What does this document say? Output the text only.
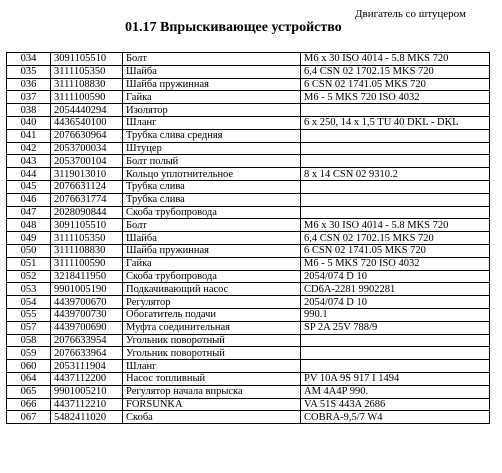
Двигатель со штуцером
01.17 Впрыскивающее устройство
034	3091105510	Болт	M6 x 30 ISO 4014 - 5.8 MKS 720
035	3111105350	Шайба	6,4 CSN 02 1702.15 MKS 720
036	3111108830	Шайба пружинная	6 CSN 02 1741.05 MKS 720
037	3111100590	Гайка	M6 - 5 MKS 720 ISO 4032
038	2054440294	Изолятор	
040	4436540100	Шланг	6 x 250, 14 x 1,5 TU 40 DKL - DKL
041	2076630964	Трубка слива средняя	
042	2053700034	Штуцер	
043	2053700104	Болт полый	
044	3119013010	Кольцо уплотнительное	8 x 14 CSN 02 9310.2
045	2076631124	Трубка слива	
046	2076631774	Трубка слива	
047	2028090844	Скоба трубопровода	
048	3091105510	Болт	M6 x 30 ISO 4014 - 5.8 MKS 720
049	3111105350	Шайба	6,4 CSN 02 1702.15 MKS 720
050	3111108830	Шайба пружинная	6 CSN 02 1741.05 MKS 720
051	3111100590	Гайка	M6 - 5 MKS 720 ISO 4032
052	3218411950	Скоба трубопровода	2054/074 D 10
053	9901005190	Подкачивающий насос	CD6A-2281 9902281
054	4439700670	Регулятор	2054/074 D 10
055	4439700730	Обогатитель подачи	990.1
057	4439700690	Муфта соединительная	SP 2A 25V 788/9
058	2076633954	Угольник поворотный	
059	2076633964	Угольник поворотный	
060	2053111904	Шланг	
064	4437112200	Насос топливный	PV 10A 9S 917 I 1494
065	9901005210	Регулятор начала впрыска	AM 4A4P 990.
066	4437112210	FORSUNKA	VA 51S 443A 2686
067	5482411020	Скоба	COBRA-9,5/7 W4
